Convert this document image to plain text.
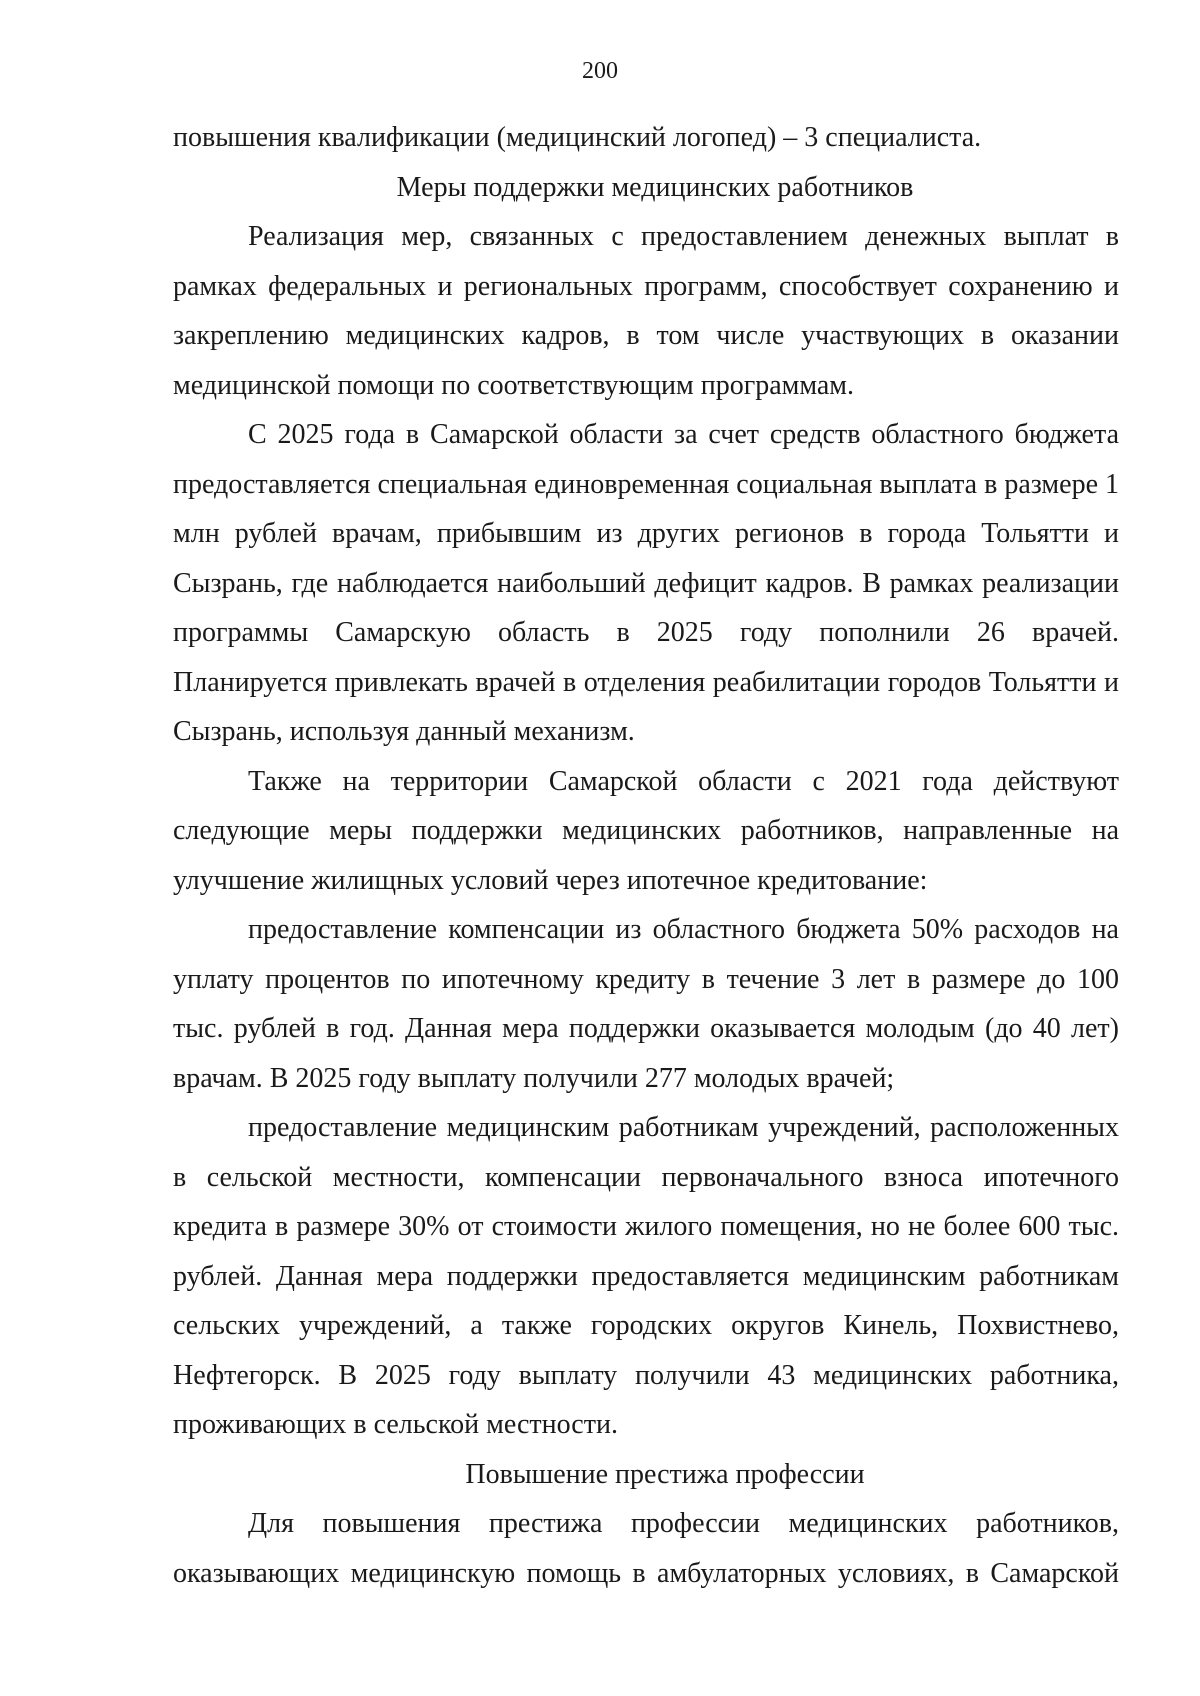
200

повышения квалификации (медицинский логопед) – 3 специалиста.

Меры поддержки медицинских работников

Реализация мер, связанных с предоставлением денежных выплат в рамках федеральных и региональных программ, способствует сохранению и закреплению медицинских кадров, в том числе участвующих в оказании медицинской помощи по соответствующим программам.

С 2025 года в Самарской области за счет средств областного бюджета предоставляется специальная единовременная социальная выплата в размере 1 млн рублей врачам, прибывшим из других регионов в города Тольятти и Сызрань, где наблюдается наибольший дефицит кадров. В рамках реализации программы Самарскую область в 2025 году пополнили 26 врачей. Планируется привлекать врачей в отделения реабилитации городов Тольятти и Сызрань, используя данный механизм.

Также на территории Самарской области с 2021 года действуют следующие меры поддержки медицинских работников, направленные на улучшение жилищных условий через ипотечное кредитование:

предоставление компенсации из областного бюджета 50% расходов на уплату процентов по ипотечному кредиту в течение 3 лет в размере до 100 тыс. рублей в год. Данная мера поддержки оказывается молодым (до 40 лет) врачам. В 2025 году выплату получили 277 молодых врачей;

предоставление медицинским работникам учреждений, расположенных в сельской местности, компенсации первоначального взноса ипотечного кредита в размере 30% от стоимости жилого помещения, но не более 600 тыс. рублей. Данная мера поддержки предоставляется медицинским работникам сельских учреждений, а также городских округов Кинель, Похвистнево, Нефтегорск. В 2025 году выплату получили 43 медицинских работника, проживающих в сельской местности.

Повышение престижа профессии

Для повышения престижа профессии медицинских работников, оказывающих медицинскую помощь в амбулаторных условиях, в Самарской
